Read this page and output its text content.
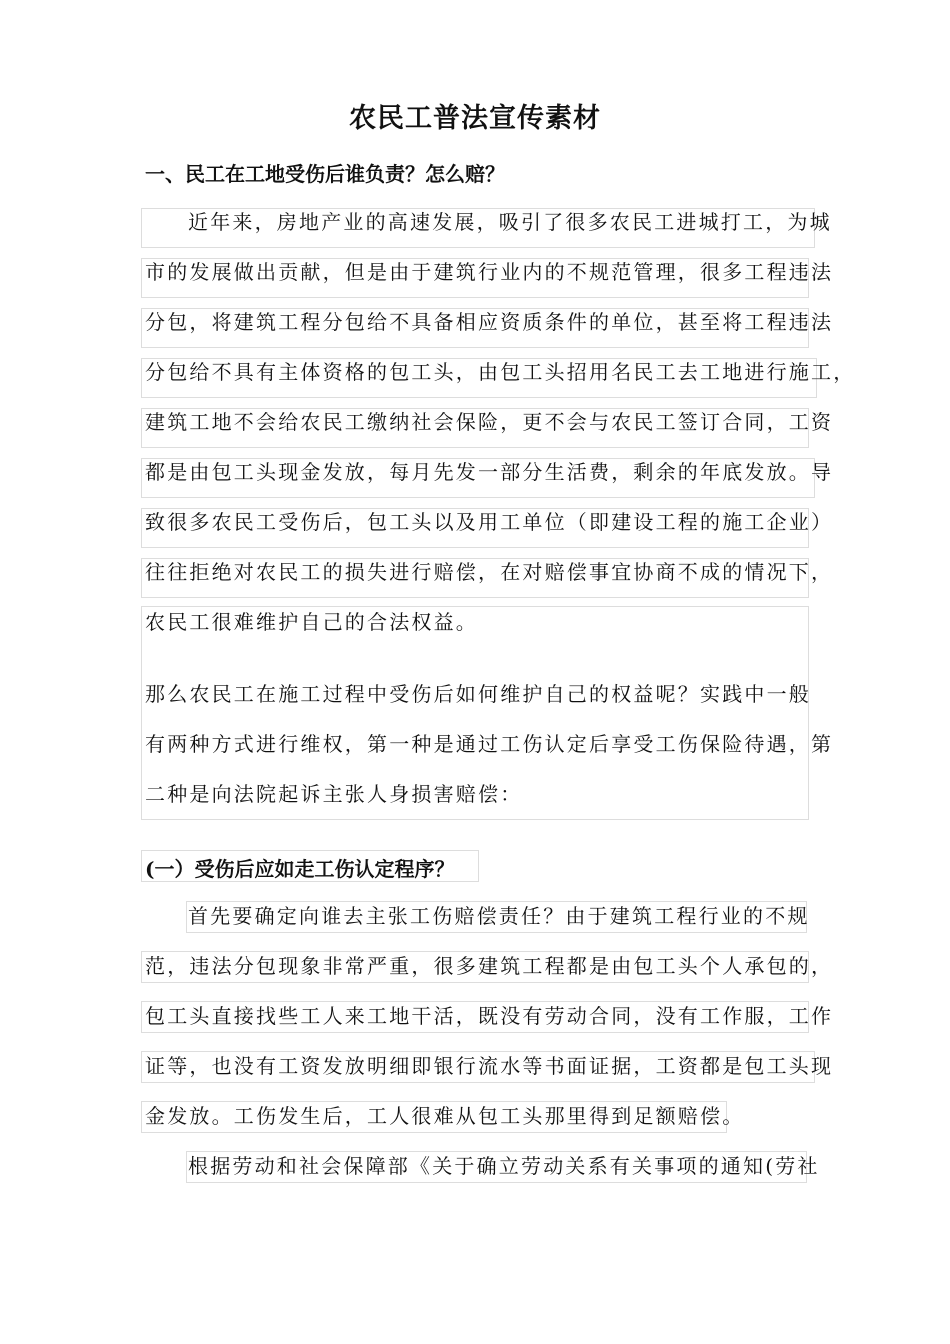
农民工普法宣传素材
一、民工在工地受伤后谁负责？怎么赔？
近年来，房地产业的高速发展，吸引了很多农民工进城打工，为城
市的发展做出贡献，但是由于建筑行业内的不规范管理，很多工程违法
分包，将建筑工程分包给不具备相应资质条件的单位，甚至将工程违法
分包给不具有主体资格的包工头，由包工头招用名民工去工地进行施工，
建筑工地不会给农民工缴纳社会保险，更不会与农民工签订合同，工资
都是由包工头现金发放，每月先发一部分生活费，剩余的年底发放。导
致很多农民工受伤后，包工头以及用工单位（即建设工程的施工企业）
往往拒绝对农民工的损失进行赔偿，在对赔偿事宜协商不成的情况下，
农民工很难维护自己的合法权益。
那么农民工在施工过程中受伤后如何维护自己的权益呢？实践中一般
有两种方式进行维权，第一种是通过工伤认定后享受工伤保险待遇，第
二种是向法院起诉主张人身损害赔偿：
(一）受伤后应如走工伤认定程序？
首先要确定向谁去主张工伤赔偿责任？由于建筑工程行业的不规
范，违法分包现象非常严重，很多建筑工程都是由包工头个人承包的，
包工头直接找些工人来工地干活，既没有劳动合同，没有工作服，工作
证等，也没有工资发放明细即银行流水等书面证据，工资都是包工头现
金发放。工伤发生后，工人很难从包工头那里得到足额赔偿。
根据劳动和社会保障部《关于确立劳动关系有关事项的通知(劳社
